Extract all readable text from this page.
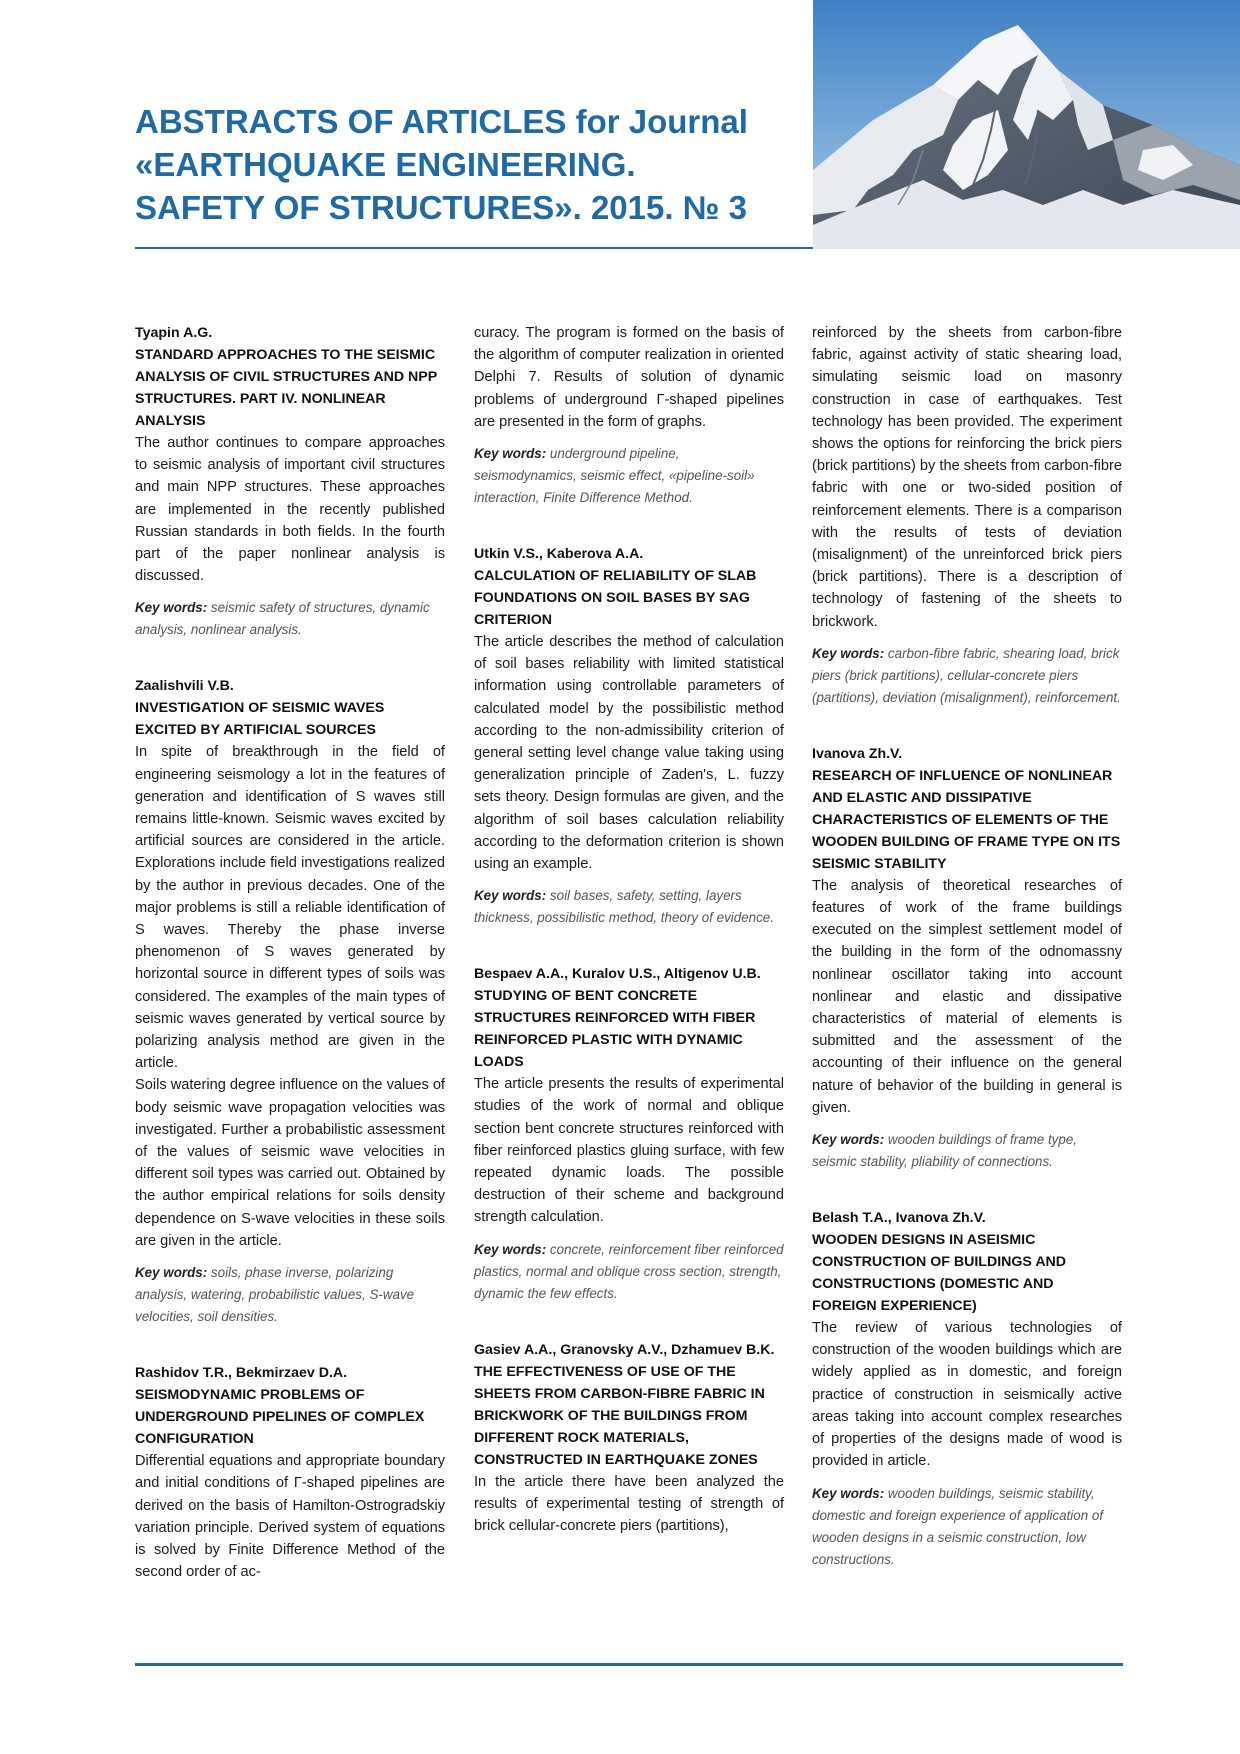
ABSTRACTS OF ARTICLES for Journal
«EARTHQUAKE ENGINEERING.
SAFETY OF STRUCTURES». 2015. № 3
Tyapin A.G.
STANDARD APPROACHES TO THE SEISMIC ANALYSIS OF CIVIL STRUCTURES AND NPP STRUCTURES. PART IV. NONLINEAR ANALYSIS
The author continues to compare approaches to seismic analysis of important civil structures and main NPP structures. These approaches are implemented in the recently published Russian standards in both fields. In the fourth part of the paper nonlinear analysis is discussed.
Key words: seismic safety of structures, dynamic analysis, nonlinear analysis.
Zaalishvili V.B.
INVESTIGATION OF SEISMIC WAVES EXCITED BY ARTIFICIAL SOURCES

In spite of breakthrough in the field of engineering seismology a lot in the features of generation and identification of S waves still remains little-known. Seismic waves excited by artificial sources are considered in the article. Explorations include field investigations realized by the author in previous decades. One of the major problems is still a reliable identification of S waves. Thereby the phase inverse phenomenon of S waves generated by horizontal source in different types of soils was considered. The examples of the main types of seismic waves generated by vertical source by polarizing analysis method are given in the article.

Soils watering degree influence on the values of body seismic wave propagation velocities was investigated. Further a probabilistic assessment of the values of seismic wave velocities in different soil types was carried out. Obtained by the author empirical relations for soils density dependence on S-wave velocities in these soils are given in the article.

Key words: soils, phase inverse, polarizing analysis, watering, probabilistic values, S-wave velocities, soil densities.
Rashidov T.R., Bekmirzaev D.A.
SEISMODYNAMIC PROBLEMS OF UNDERGROUND PIPELINES OF COMPLEX CONFIGURATION
Differential equations and appropriate boundary and initial conditions of Г-shaped pipelines are derived on the basis of Hamilton-Ostrogradskiy variation principle. Derived system of equations is solved by Finite Difference Method of the second order of ac-
curacy. The program is formed on the basis of the algorithm of computer realization in oriented Delphi 7. Results of solution of dynamic problems of underground Г-shaped pipelines are presented in the form of graphs.
Key words: underground pipeline, seismodynamics, seismic effect, «pipeline-soil» interaction, Finite Difference Method.
Utkin V.S., Kaberova A.A.
CALCULATION OF RELIABILITY OF SLAB FOUNDATIONS ON SOIL BASES BY SAG CRITERION
The article describes the method of calculation of soil bases reliability with limited statistical information using controllable parameters of calculated model by the possibilistic method according to the non-admissibility criterion of general setting level change value taking using generalization principle of Zaden's, L. fuzzy sets theory. Design formulas are given, and the algorithm of soil bases calculation reliability according to the deformation criterion is shown using an example.
Key words: soil bases, safety, setting, layers thickness, possibilistic method, theory of evidence.
Bespaev A.A., Kuralov U.S., Altigenov U.B.
STUDYING OF BENT CONCRETE STRUCTURES REINFORCED WITH FIBER REINFORCED PLASTIC WITH DYNAMIC LOADS
The article presents the results of experimental studies of the work of normal and oblique section bent concrete structures reinforced with fiber reinforced plastics gluing surface, with few repeated dynamic loads. The possible destruction of their scheme and background strength calculation.
Key words: concrete, reinforcement fiber reinforced plastics, normal and oblique cross section, strength, dynamic the few effects.
Gasiev A.A., Granovsky A.V., Dzhamuev B.K.
THE EFFECTIVENESS OF USE OF THE SHEETS FROM CARBON-FIBRE FABRIC IN BRICKWORK OF THE BUILDINGS FROM DIFFERENT ROCK MATERIALS, CONSTRUCTED IN EARTHQUAKE ZONES
In the article there have been analyzed the results of experimental testing of strength of brick cellular-concrete piers (partitions),
reinforced by the sheets from carbon-fibre fabric, against activity of static shearing load, simulating seismic load on masonry construction in case of earthquakes. Test technology has been provided. The experiment shows the options for reinforcing the brick piers (brick partitions) by the sheets from carbon-fibre fabric with one or two-sided position of reinforcement elements. There is a comparison with the results of tests of deviation (misalignment) of the unreinforced brick piers (brick partitions). There is a description of technology of fastening of the sheets to brickwork.
Key words: carbon-fibre fabric, shearing load, brick piers (brick partitions), cellular-concrete piers (partitions), deviation (misalignment), reinforcement.
Ivanova Zh.V.
RESEARCH OF INFLUENCE OF NONLINEAR AND ELASTIC AND DISSIPATIVE CHARACTERISTICS OF ELEMENTS OF THE WOODEN BUILDING OF FRAME TYPE ON ITS SEISMIC STABILITY
The analysis of theoretical researches of features of work of the frame buildings executed on the simplest settlement model of the building in the form of the odnomassny nonlinear oscillator taking into account nonlinear and elastic and dissipative characteristics of material of elements is submitted and the assessment of the accounting of their influence on the general nature of behavior of the building in general is given.
Key words: wooden buildings of frame type, seismic stability, pliability of connections.
Belash T.A., Ivanova Zh.V.
WOODEN DESIGNS IN ASEISMIC CONSTRUCTION OF BUILDINGS AND CONSTRUCTIONS (DOMESTIC AND FOREIGN EXPERIENCE)
The review of various technologies of construction of the wooden buildings which are widely applied as in domestic, and foreign practice of construction in seismically active areas taking into account complex researches of properties of the designs made of wood is provided in article.
Key words: wooden buildings, seismic stability, domestic and foreign experience of application of wooden designs in a seismic construction, low constructions.
